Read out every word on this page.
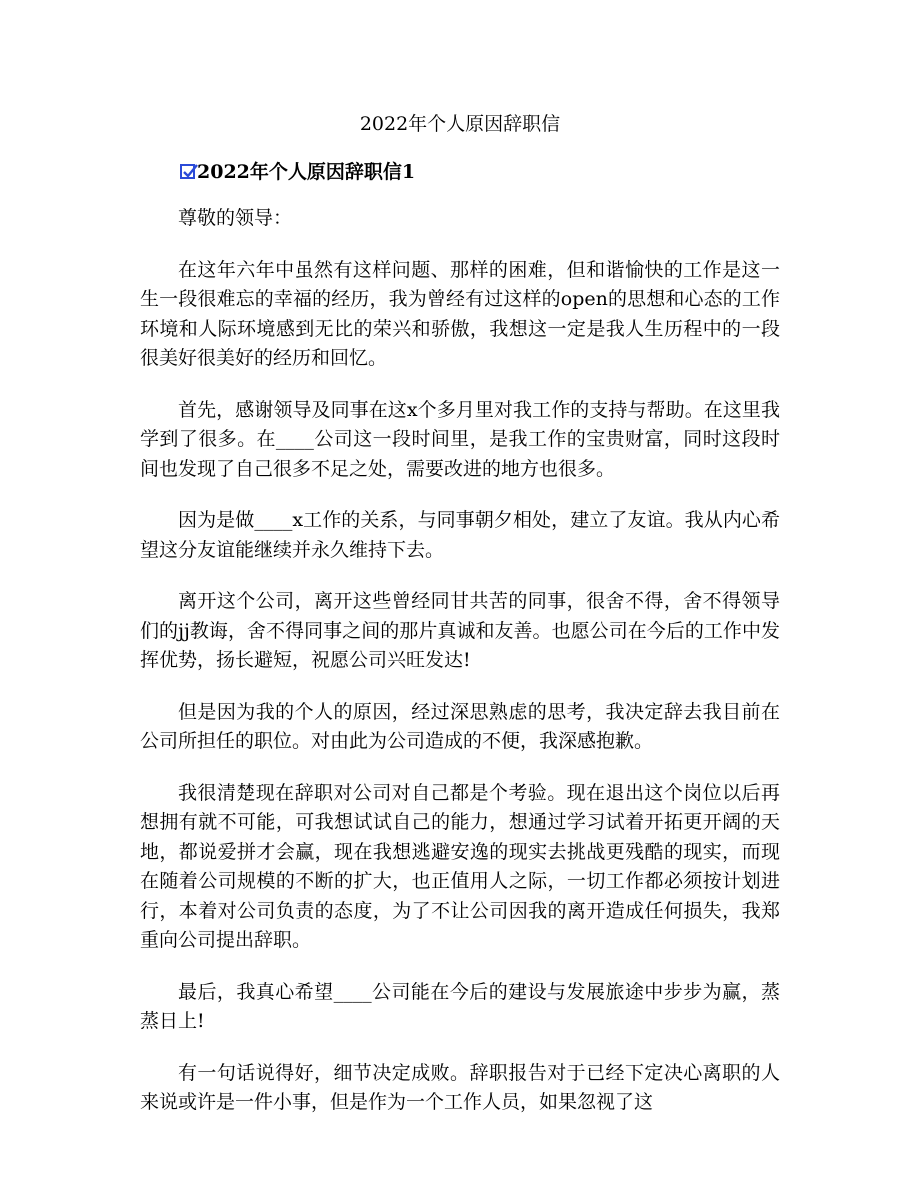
2022年个人原因辞职信
2022年个人原因辞职信1

尊敬的领导：

在这年六年中虽然有这样问题、那样的困难，但和谐愉快的工作是这一生一段很难忘的幸福的经历，我为曾经有过这样的open的思想和心态的工作环境和人际环境感到无比的荣兴和骄傲，我想这一定是我人生历程中的一段很美好很美好的经历和回忆。

首先，感谢领导及同事在这x个多月里对我工作的支持与帮助。在这里我学到了很多。在____公司这一段时间里，是我工作的宝贵财富，同时这段时间也发现了自己很多不足之处，需要改进的地方也很多。

因为是做____x工作的关系，与同事朝夕相处，建立了友谊。我从内心希望这分友谊能继续并永久维持下去。

离开这个公司，离开这些曾经同甘共苦的同事，很舍不得，舍不得领导们的jj教诲，舍不得同事之间的那片真诚和友善。也愿公司在今后的工作中发挥优势，扬长避短，祝愿公司兴旺发达!

但是因为我的个人的原因，经过深思熟虑的思考，我决定辞去我目前在公司所担任的职位。对由此为公司造成的不便，我深感抱歉。

我很清楚现在辞职对公司对自己都是个考验。现在退出这个岗位以后再想拥有就不可能，可我想试试自己的能力，想通过学习试着开拓更开阔的天地，都说爱拼才会赢，现在我想逃避安逸的现实去挑战更残酷的现实，而现在随着公司规模的不断的扩大，也正值用人之际，一切工作都必须按计划进行，本着对公司负责的态度，为了不让公司因我的离开造成任何损失，我郑重向公司提出辞职。

最后，我真心希望____公司能在今后的建设与发展旅途中步步为赢，蒸蒸日上!

有一句话说得好，细节决定成败。辞职报告对于已经下定决心离职的人来说或许是一件小事，但是作为一个工作人员，如果忽视了这
